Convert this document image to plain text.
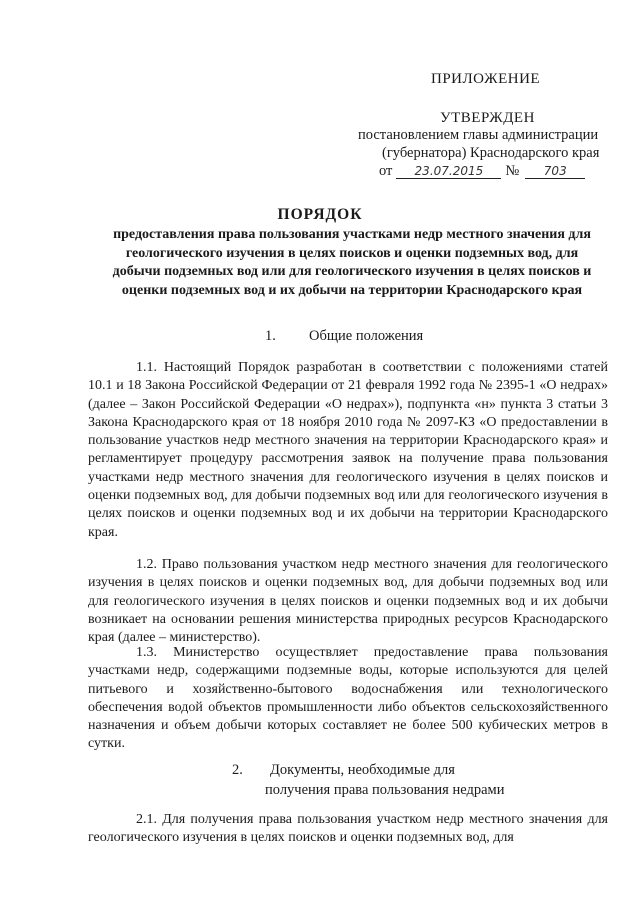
ПРИЛОЖЕНИЕ
УТВЕРЖДЕН
постановлением главы администрации
(губернатора) Краснодарского края
от 23.07.2015 № 703
ПОРЯДОК
предоставления права пользования участками недр местного значения для геологического изучения в целях поисков и оценки подземных вод, для добычи подземных вод или для геологического изучения в целях поисков и оценки подземных вод и их добычи на территории Краснодарского края
1. Общие положения

1.1. Настоящий Порядок разработан в соответствии с положениями статей 10.1 и 18 Закона Российской Федерации от 21 февраля 1992 года № 2395-1 «О недрах» (далее – Закон Российской Федерации «О недрах»), подпункта «н» пункта 3 статьи 3 Закона Краснодарского края от 18 ноября 2010 года № 2097-КЗ «О предоставлении в пользование участков недр местного значения на территории Краснодарского края» и регламентирует процедуру рассмотрения заявок на получение права пользования участками недр местного значения для геологического изучения в целях поисков и оценки подземных вод, для добычи подземных вод или для геологического изучения в целях поисков и оценки подземных вод и их добычи на территории Краснодарского края.

1.2. Право пользования участком недр местного значения для геологического изучения в целях поисков и оценки подземных вод, для добычи подземных вод или для геологического изучения в целях поисков и оценки подземных вод и их добычи возникает на основании решения министерства природных ресурсов Краснодарского края (далее – министерство).

1.3. Министерство осуществляет предоставление права пользования участками недр, содержащими подземные воды, которые используются для целей питьевого и хозяйственно-бытового водоснабжения или технологического обеспечения водой объектов промышленности либо объектов сельскохозяйственного назначения и объем добычи которых составляет не более 500 кубических метров в сутки.

2. Документы, необходимые для
получения права пользования недрами

2.1. Для получения права пользования участком недр местного значения для геологического изучения в целях поисков и оценки подземных вод, для
